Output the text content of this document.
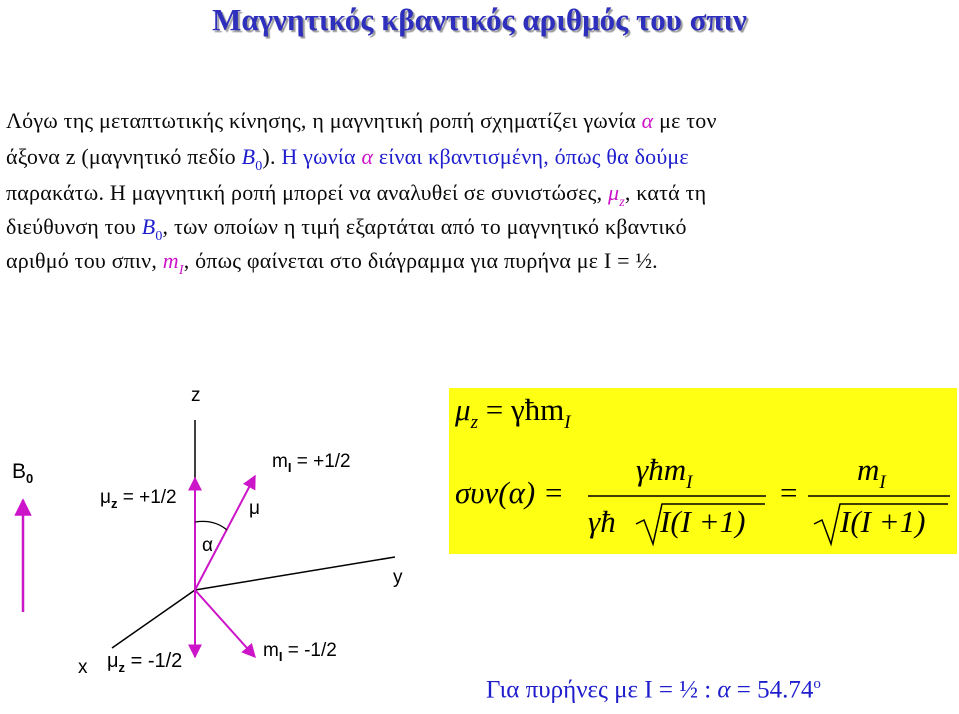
Μαγνητικός κβαντικός αριθμός του σπιν
Λόγω της μεταπτωτικής κίνησης, η μαγνητική ροπή σχηματίζει γωνία α με τον
άξονα z (μαγνητικό πεδίο $B_0$). Η γωνία α είναι κβαντισμένη, όπως θα δούμε
παρακάτω. Η μαγνητική ροπή μπορεί να αναλυθεί σε συνιστώσες, $\mu_z$, κατά τη
διεύθυνση του $B_0$, των οποίων η τιμή εξαρτάται από το μαγνητικό κβαντικό
αριθμό του σπιν, $m_I$, όπως φαίνεται στο διάγραμμα για πυρήνα με I = ½.
$B_0$
z
y
x
$\mu_z = +1/2$
μ
α
$m_I = +1/2$
$\mu_z = -1/2$	$m_I = -1/2$
$\mu_z$ = γħm$_I$
συν(α) =
γħm$_I$	=
$m_I$
γħ I(I +1)	I(I +1)
Για πυρήνες με I = ½ : $\alpha = 54.74^o$
